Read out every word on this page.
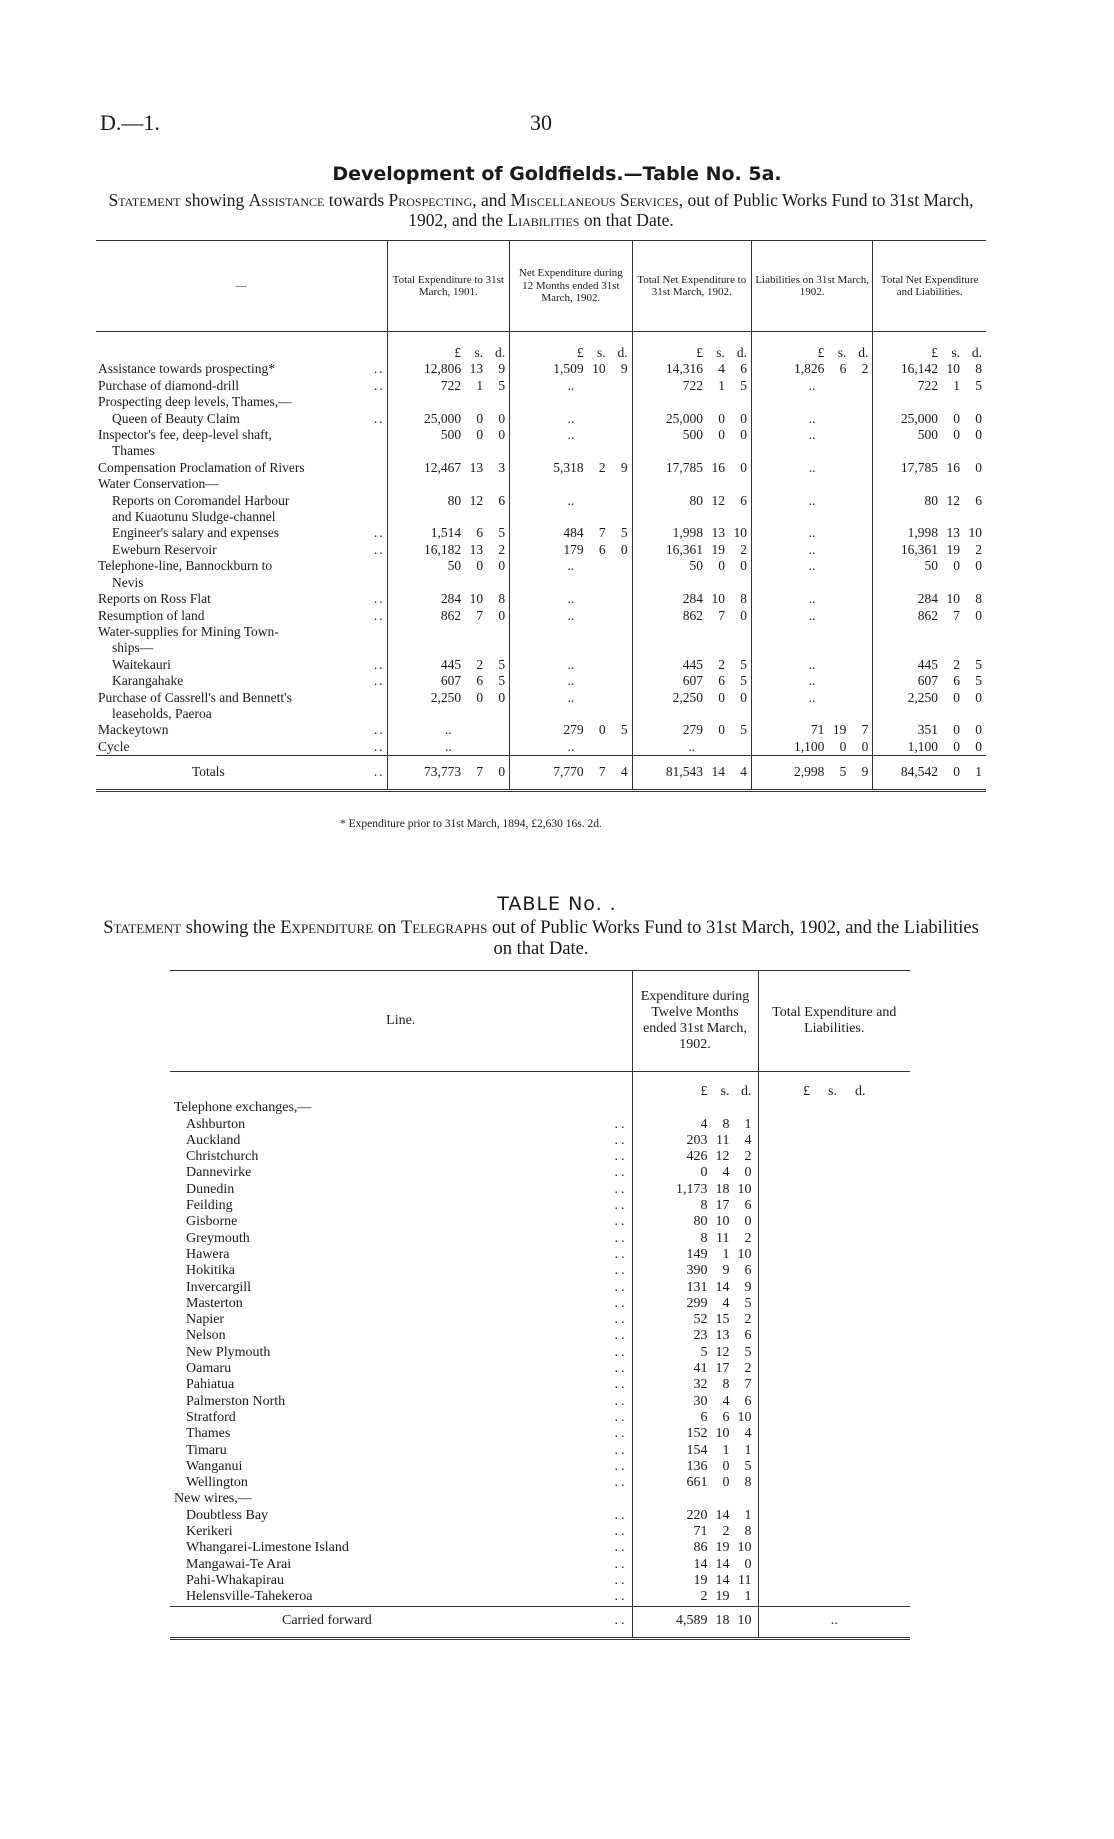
D.—1.	30
Development of Goldfields.—Table No. 5a.
Statement showing Assistance towards Prospecting, and Miscellaneous Services, out of Public Works Fund to 31st March, 1902, and the Liabilities on that Date.
—	Total Expenditure to 31st March, 1901.	Net Expenditure during 12 Months ended 31st March, 1902.	Total Net Expenditure to 31st March, 1902.	Liabilities on 31st March, 1902.	Total Net Expenditure and Liabilities.

	£ s. d.	£ s. d.	£ s. d.	£ s. d.	£ s. d.

Assistance towards prospecting* ..	12,806 13 9	1,509 10 9	14,316 4 6	1,826 6 2	16,142 10 8

Purchase of diamond-drill ..	722 1 5	..	722 1 5	..	722 1 5

Prospecting deep levels, Thames,—					
Queen of Beauty Claim ..	25,000 0 0	..	25,000 0 0	..	25,000 0 0

Inspector's fee, deep-level shaft,	500 0 0	..	500 0 0	..	500 0 0

Thames					
Compensation Proclamation of Rivers	12,467 13 3	5,318 2 9	17,785 16 0	..	17,785 16 0

Water Conservation—					
Reports on Coromandel Harbour	80 12 6	..	80 12 6	..	80 12 6

and Kuaotunu Sludge-channel					
Engineer's salary and expenses ..	1,514 6 5	484 7 5	1,998 13 10	..	1,998 13 10

Eweburn Reservoir ..	16,182 13 2	179 6 0	16,361 19 2	..	16,361 19 2

Telephone-line, Bannockburn to	50 0 0	..	50 0 0	..	50 0 0

Nevis					
Reports on Ross Flat ..	284 10 8	..	284 10 8	..	284 10 8

Resumption of land ..	862 7 0	..	862 7 0	..	862 7 0

Water-supplies for Mining Town-					
ships—					
Waitekauri ..	445 2 5	..	445 2 5	..	445 2 5

Karangahake ..	607 6 5	..	607 6 5	..	607 6 5

Purchase of Cassrell's and Bennett's	2,250 0 0	..	2,250 0 0	..	2,250 0 0

leaseholds, Paeroa					
Mackeytown ..	..	279 0 5	279 0 5	71 19 7	351 0 0

Cycle ..	..	..	..	1,100 0 0	1,100 0 0

Totals ..	73,773 7 0	7,770 7 4	81,543 14 4	2,998 5 9	84,542 0 1
* Expenditure prior to 31st March, 1894, £2,630 16s. 2d.
TABLE No. .
Statement showing the Expenditure on Telegraphs out of Public Works Fund to 31st March, 1902, and the Liabilities on that Date.
Line.	Expenditure during Twelve Months ended 31st March, 1902.	Total Expenditure and Liabilities.

	£ s. d.	£ s. d.

Telephone exchanges,—		
Ashburton ..	4 8 1	

Auckland ..	203 11 4	

Christchurch ..	426 12 2	

Dannevirke ..	0 4 0	

Dunedin ..	1,173 18 10	

Feilding ..	8 17 6	

Gisborne ..	80 10 0	

Greymouth ..	8 11 2	

Hawera ..	149 1 10	

Hokitika ..	390 9 6	

Invercargill ..	131 14 9	

Masterton ..	299 4 5	

Napier ..	52 15 2	

Nelson ..	23 13 6	

New Plymouth ..	5 12 5	

Oamaru ..	41 17 2	

Pahiatua ..	32 8 7	

Palmerston North ..	30 4 6	

Stratford ..	6 6 10	

Thames ..	152 10 4	

Timaru ..	154 1 1	

Wanganui ..	136 0 5	

Wellington ..	661 0 8	

New wires,—		
Doubtless Bay ..	220 14 1	

Kerikeri ..	71 2 8	

Whangarei-Limestone Island ..	86 19 10	

Mangawai-Te Arai ..	14 14 0	

Pahi-Whakapirau ..	19 14 11	

Helensville-Tahekeroa ..	2 19 1	

Carried forward ..	4,589 18 10	..
